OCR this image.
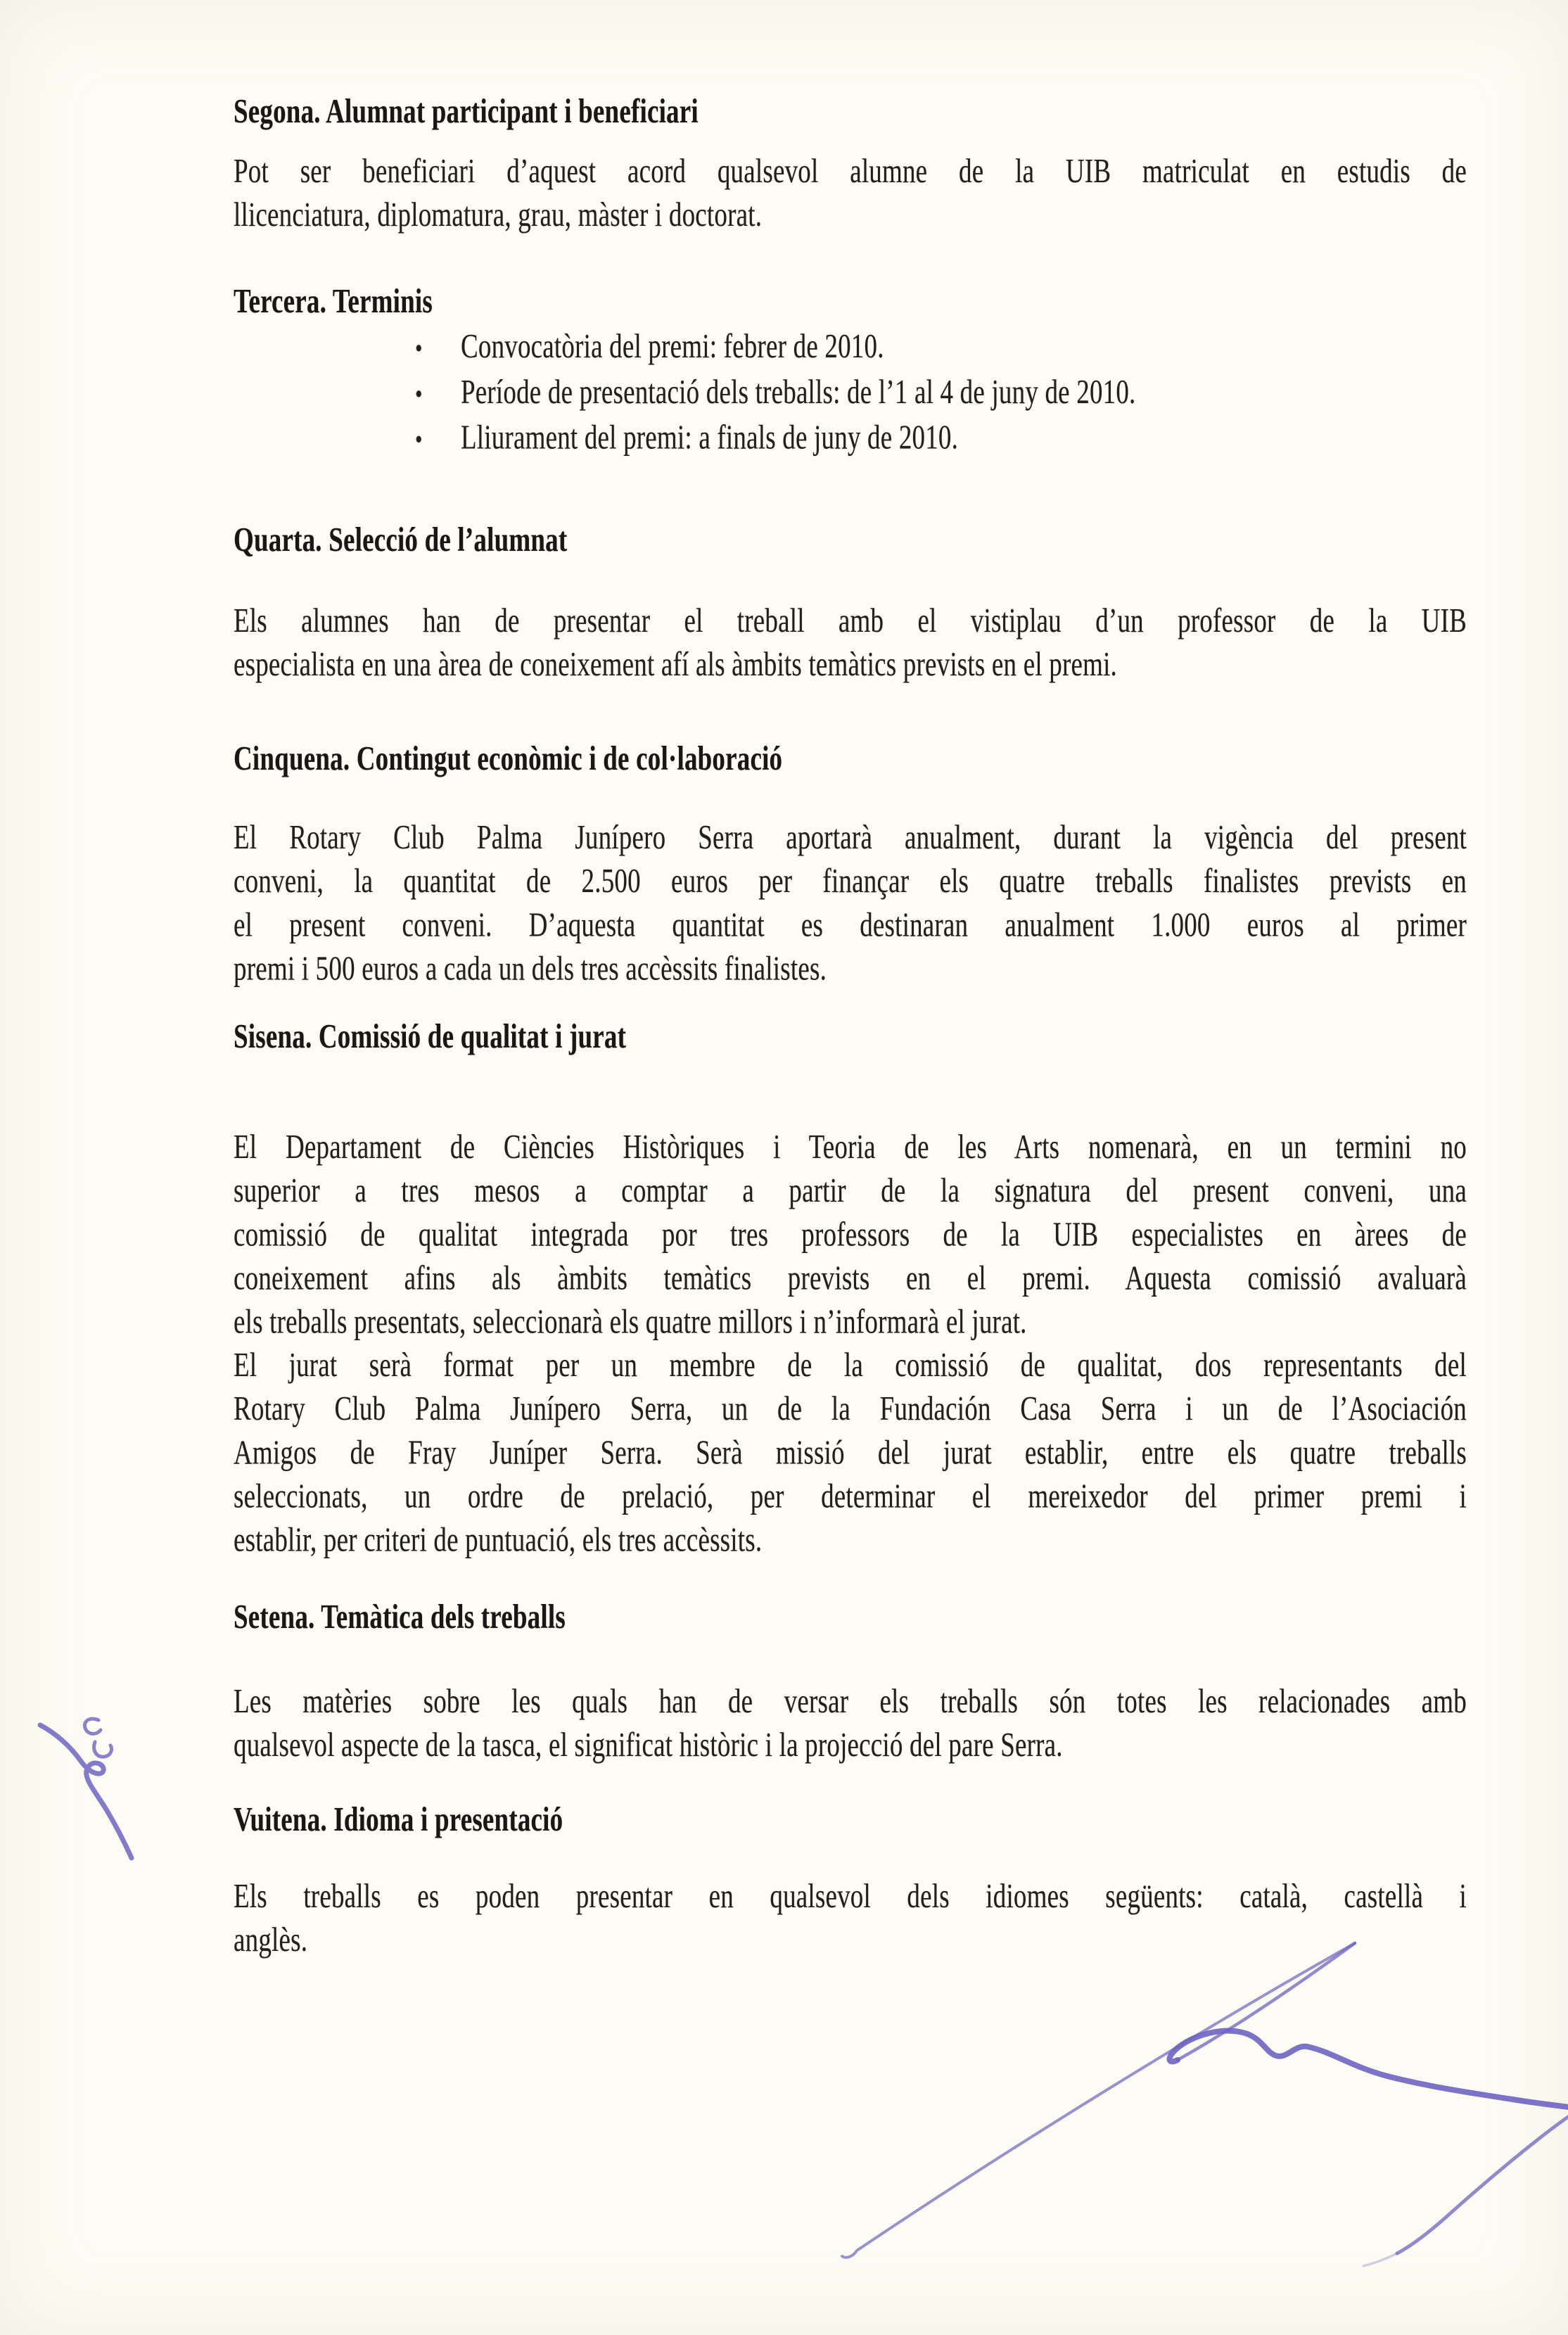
Segona. Alumnat participant i beneficiari
Pot ser beneficiari d’aquest acord qualsevol alumne de la UIB matriculat en estudis de
llicenciatura, diplomatura, grau, màster i doctorat.
Tercera. Terminis
•	Convocatòria del premi: febrer de 2010.
•	Període de presentació dels treballs: de l’1 al 4 de juny de 2010.
•	Lliurament del premi: a finals de juny de 2010.
Quarta. Selecció de l’alumnat
Els alumnes han de presentar el treball amb el vistiplau d’un professor de la UIB
especialista en una àrea de coneixement afí als àmbits temàtics prevists en el premi.
Cinquena. Contingut econòmic i de col·laboració
El Rotary Club Palma Junípero Serra aportarà anualment, durant la vigència del present
conveni, la quantitat de 2.500 euros per finançar els quatre treballs finalistes prevists en
el present conveni. D’aquesta quantitat es destinaran anualment 1.000 euros al primer
premi i 500 euros a cada un dels tres accèssits finalistes.
Sisena. Comissió de qualitat i jurat
El Departament de Ciències Històriques i Teoria de les Arts nomenarà, en un termini no
superior a tres mesos a comptar a partir de la signatura del present conveni, una
comissió de qualitat integrada por tres professors de la UIB especialistes en àrees de
coneixement afins als àmbits temàtics prevists en el premi. Aquesta comissió avaluarà
els treballs presentats, seleccionarà els quatre millors i n’informarà el jurat.
El jurat serà format per un membre de la comissió de qualitat, dos representants del
Rotary Club Palma Junípero Serra, un de la Fundación Casa Serra i un de l’Asociación
Amigos de Fray Juníper Serra. Serà missió del jurat establir, entre els quatre treballs
seleccionats, un ordre de prelació, per determinar el mereixedor del primer premi i
establir, per criteri de puntuació, els tres accèssits.
Setena. Temàtica dels treballs
Les matèries sobre les quals han de versar els treballs són totes les relacionades amb
qualsevol aspecte de la tasca, el significat històric i la projecció del pare Serra.
Vuitena. Idioma i presentació
Els treballs es poden presentar en qualsevol dels idiomes següents: català, castellà i
anglès.
